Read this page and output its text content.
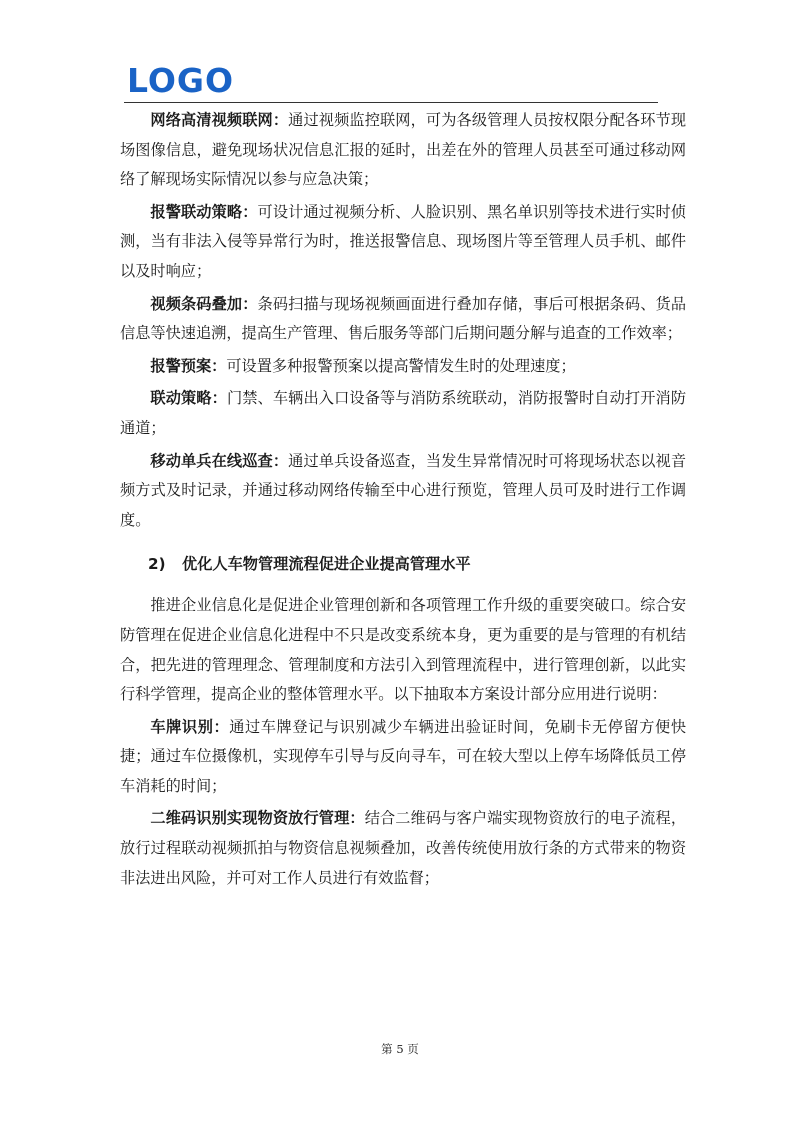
LOGO

网络高清视频联网：通过视频监控联网，可为各级管理人员按权限分配各环节现场图像信息，避免现场状况信息汇报的延时，出差在外的管理人员甚至可通过移动网络了解现场实际情况以参与应急决策；

报警联动策略：可设计通过视频分析、人脸识别、黑名单识别等技术进行实时侦测，当有非法入侵等异常行为时，推送报警信息、现场图片等至管理人员手机、邮件以及时响应；

视频条码叠加：条码扫描与现场视频画面进行叠加存储，事后可根据条码、货品信息等快速追溯，提高生产管理、售后服务等部门后期问题分解与追查的工作效率；

报警预案：可设置多种报警预案以提高警情发生时的处理速度；

联动策略：门禁、车辆出入口设备等与消防系统联动，消防报警时自动打开消防通道；

移动单兵在线巡查：通过单兵设备巡查，当发生异常情况时可将现场状态以视音频方式及时记录，并通过移动网络传输至中心进行预览，管理人员可及时进行工作调度。

2) 优化人车物管理流程促进企业提高管理水平

推进企业信息化是促进企业管理创新和各项管理工作升级的重要突破口。综合安防管理在促进企业信息化进程中不只是改变系统本身，更为重要的是与管理的有机结合，把先进的管理理念、管理制度和方法引入到管理流程中，进行管理创新，以此实行科学管理，提高企业的整体管理水平。以下抽取本方案设计部分应用进行说明：

车牌识别：通过车牌登记与识别减少车辆进出验证时间，免刷卡无停留方便快捷；通过车位摄像机，实现停车引导与反向寻车，可在较大型以上停车场降低员工停车消耗的时间；

二维码识别实现物资放行管理：结合二维码与客户端实现物资放行的电子流程，放行过程联动视频抓拍与物资信息视频叠加，改善传统使用放行条的方式带来的物资非法进出风险，并可对工作人员进行有效监督；

第 5 页
